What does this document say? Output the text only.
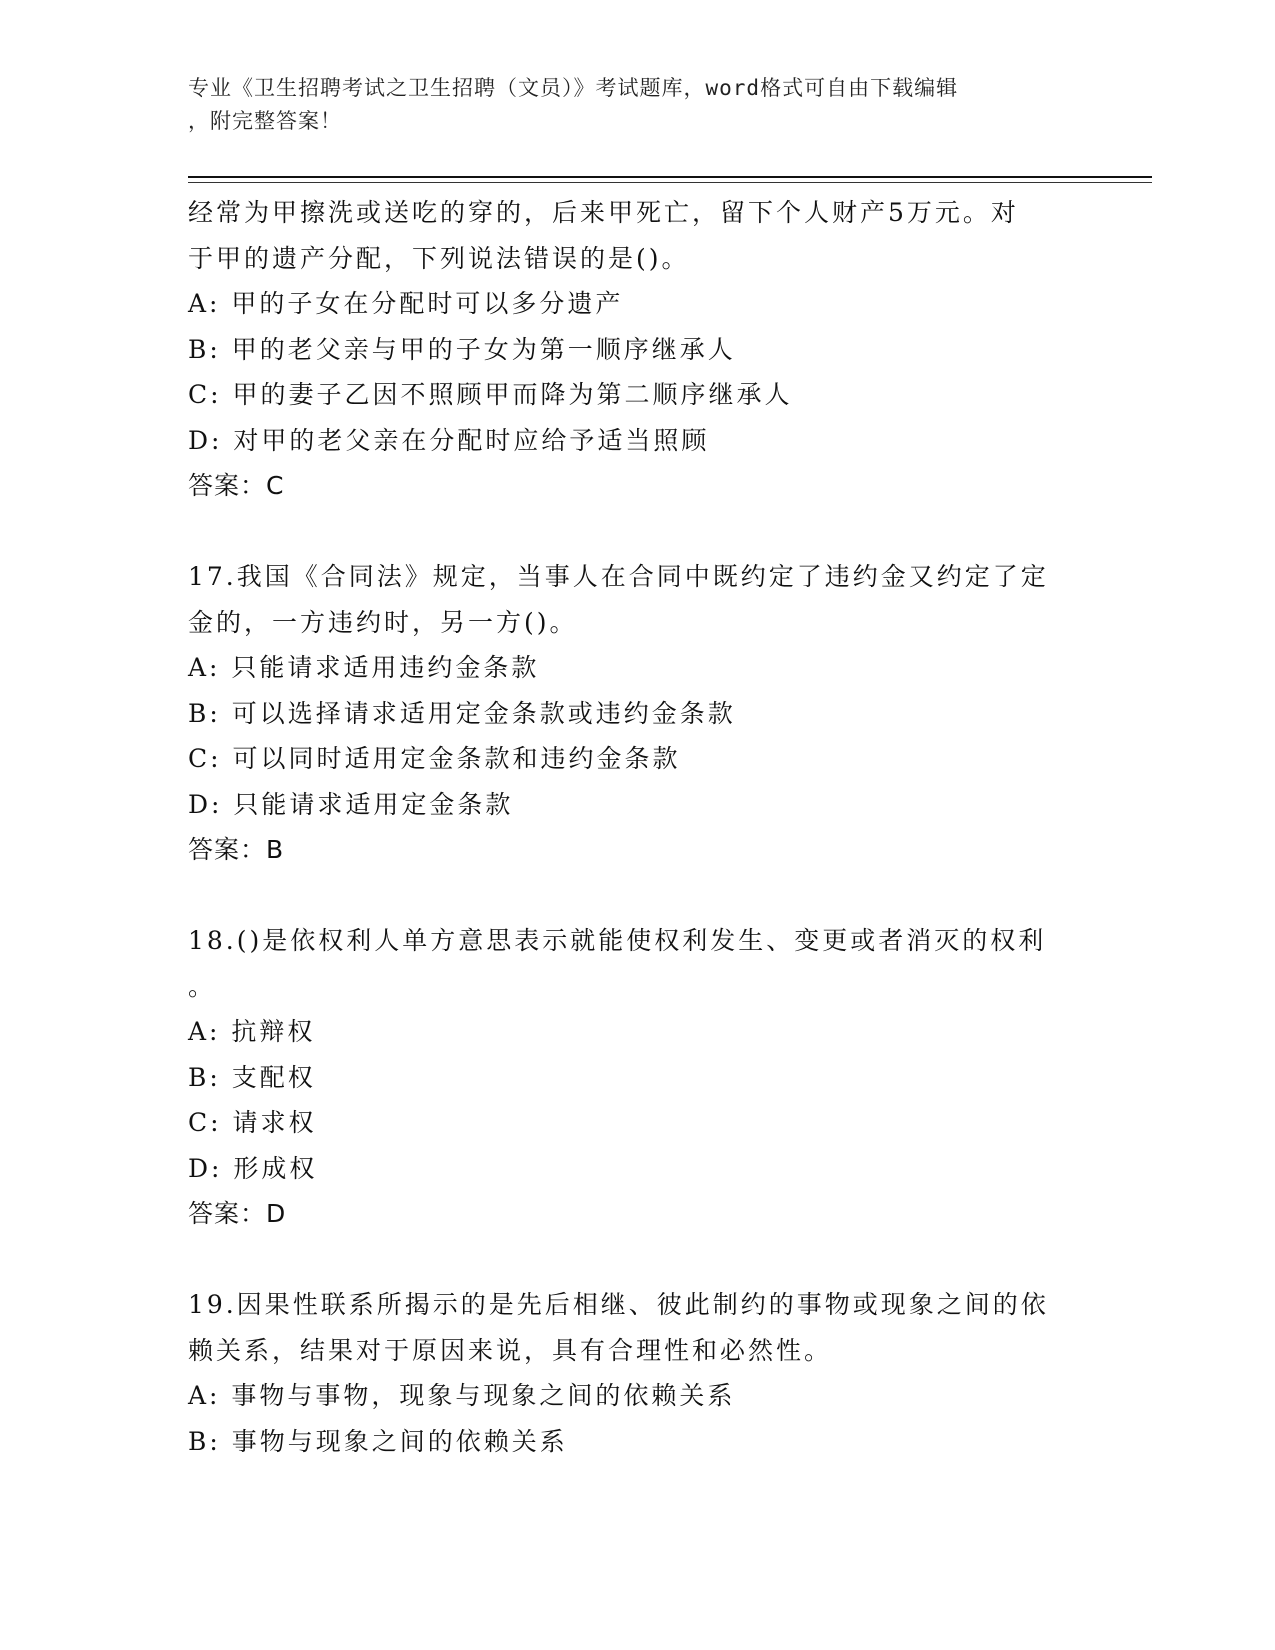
专业《卫生招聘考试之卫生招聘（文员）》考试题库，word格式可自由下载编辑
，附完整答案！
经常为甲擦洗或送吃的穿的，后来甲死亡，留下个人财产5万元。对
于甲的遗产分配，下列说法错误的是()。
A: 甲的子女在分配时可以多分遗产
B: 甲的老父亲与甲的子女为第一顺序继承人
C: 甲的妻子乙因不照顾甲而降为第二顺序继承人
D: 对甲的老父亲在分配时应给予适当照顾
答案：C
17.我国《合同法》规定，当事人在合同中既约定了违约金又约定了定
金的，一方违约时，另一方()。
A: 只能请求适用违约金条款
B: 可以选择请求适用定金条款或违约金条款
C: 可以同时适用定金条款和违约金条款
D: 只能请求适用定金条款
答案：B
18.()是依权利人单方意思表示就能使权利发生、变更或者消灭的权利
。
A: 抗辩权
B: 支配权
C: 请求权
D: 形成权
答案：D
19.因果性联系所揭示的是先后相继、彼此制约的事物或现象之间的依
赖关系，结果对于原因来说，具有合理性和必然性。
A: 事物与事物，现象与现象之间的依赖关系
B: 事物与现象之间的依赖关系
